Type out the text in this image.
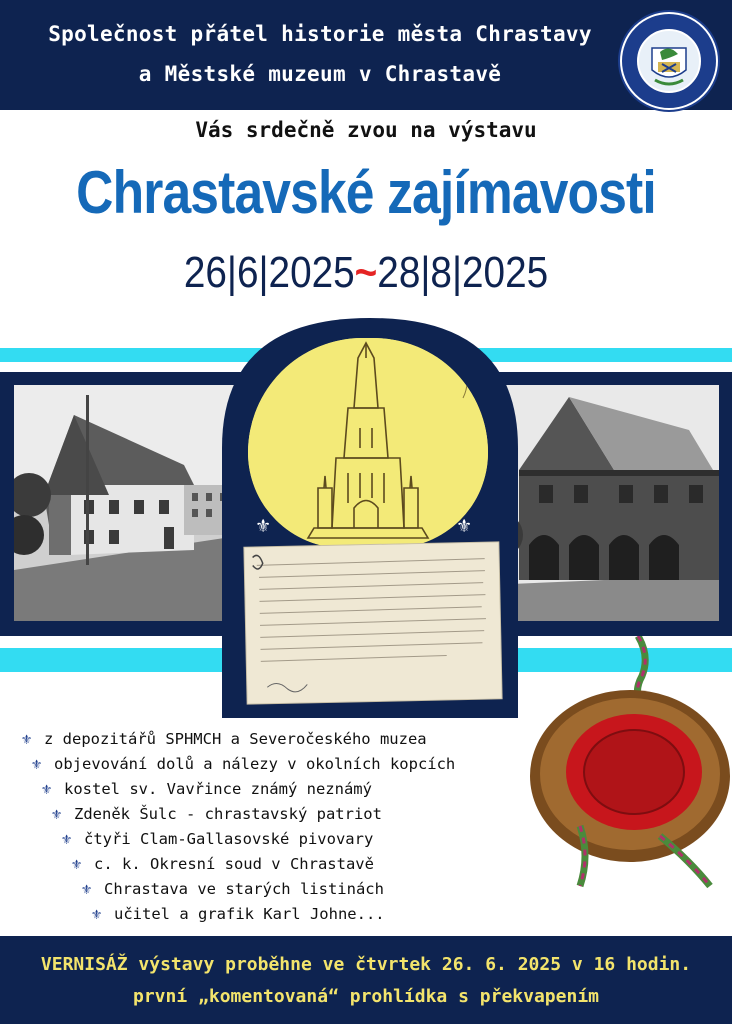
Společnost přátel historie města Chrastavy
a Městské muzeum v Chrastavě
Vás srdečně zvou na výstavu
Chrastavské zajímavosti
26|6|2025~28|8|2025
⚜	⚜
⚜ z depozitářů SPHMCH a Severočeského muzea
⚜ objevování dolů a nálezy v okolních kopcích
⚜ kostel sv. Vavřince známý neznámý
⚜ Zdeněk Šulc - chrastavský patriot
⚜ čtyři Clam-Gallasovské pivovary
⚜ c. k. Okresní soud v Chrastavě
⚜ Chrastava ve starých listinách
⚜ učitel a grafik Karl Johne...
VERNISÁŽ výstavy proběhne ve čtvrtek 26. 6. 2025 v 16 hodin.
první „komentovaná“ prohlídka s překvapením
